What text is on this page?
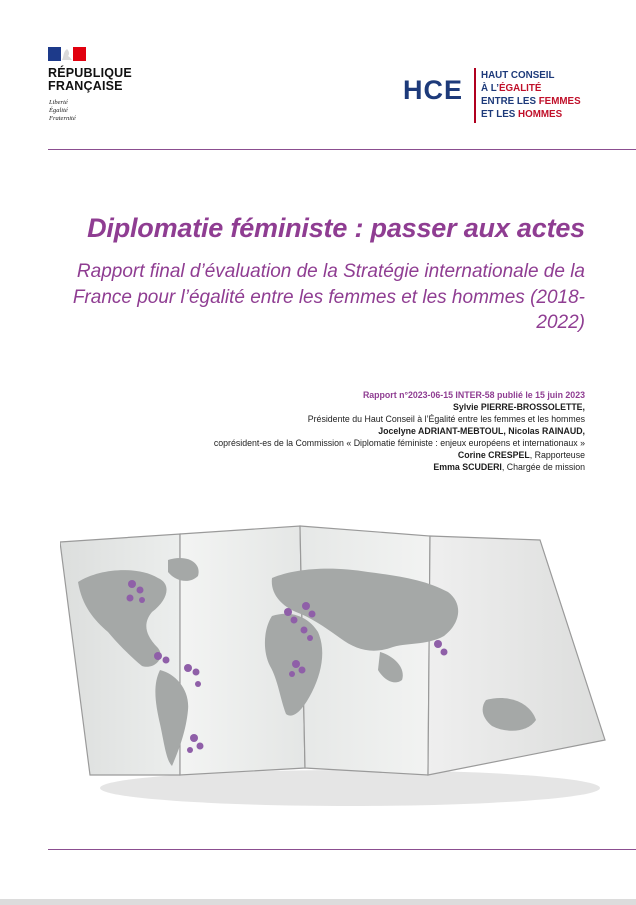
RÉPUBLIQUE
FRANÇAISE
Liberté
Égalité
Fraternité
HCE HAUT CONSEIL
À L’ÉGALITÉ
ENTRE LES FEMMES
ET LES HOMMES
Diplomatie féministe : passer aux actes
Rapport final d’évaluation de la Stratégie internationale de la France pour l’égalité entre les femmes et les hommes (2018-2022)
Rapport n°2023-06-15 INTER-58 publié le 15 juin 2023
Sylvie PIERRE-BROSSOLETTE,
Présidente du Haut Conseil à l’Égalité entre les femmes et les hommes
Jocelyne ADRIANT-MEBTOUL, Nicolas RAINAUD,
coprésident-es de la Commission « Diplomatie féministe : enjeux européens et internationaux »
Corine CRESPEL, Rapporteuse
Emma SCUDERI, Chargée de mission
